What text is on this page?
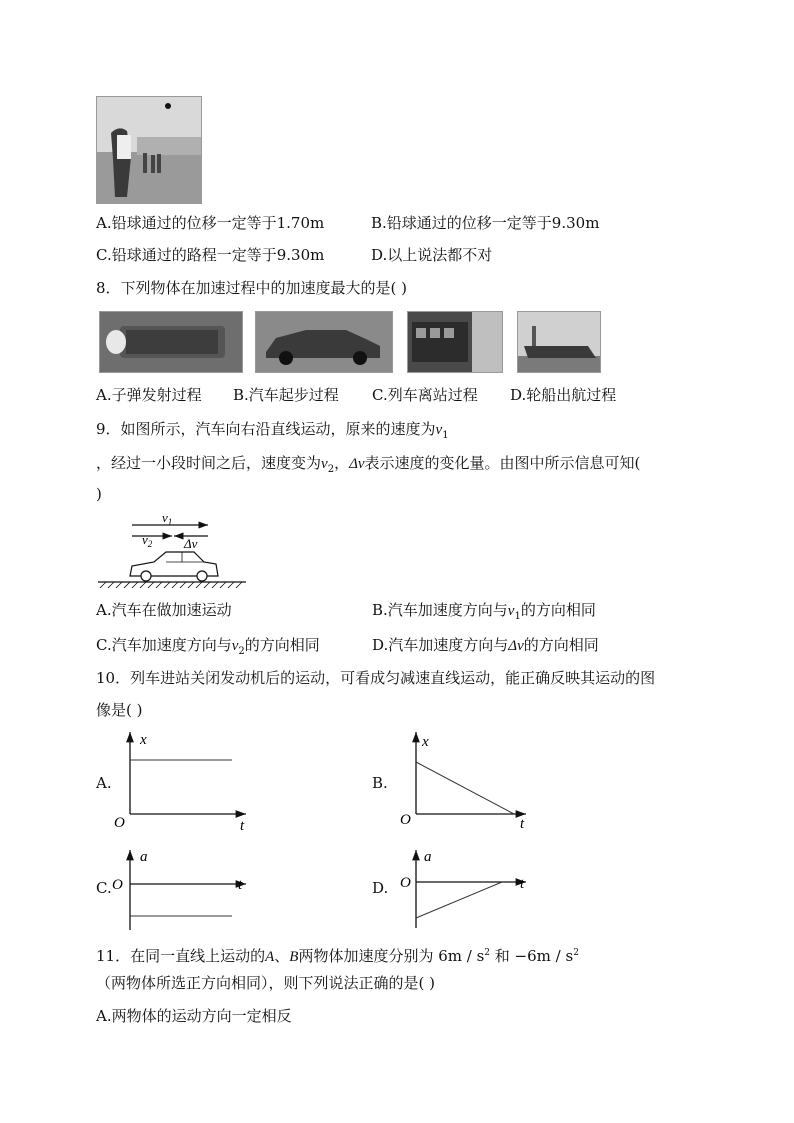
A.铅球通过的位移一定等于1.70m	B.铅球通过的位移一定等于9.30m
C.铅球通过的路程一定等于9.30m	D.以上说法都不对
8．下列物体在加速过程中的加速度最大的是( )
A.子弹发射过程 B.汽车起步过程 C.列车离站过程 D.轮船出航过程
9．如图所示，汽车向右沿直线运动，原来的速度为$v_1$
，经过一小段时间之后，速度变为$v_2$，Δv表示速度的变化量。由图中所示信息可知(
)
$v_1$
$v_2$ Δv
A.汽车在做加速运动	B.汽车加速度方向与$v_1$的方向相同
C.汽车加速度方向与$v_2$的方向相同	D.汽车加速度方向与Δv的方向相同
10．列车进站关闭发动机后的运动，可看成匀减速直线运动，能正确反映其运动的图
像是( )
A.
x
t
O
B.
x
t
O
C.
a
t
O	D.
a
t
O
11．在同一直线上运动的A、B两物体加速度分别为 $6m / s^2$ 和 $-6m / s^2$
（两物体所选正方向相同），则下列说法正确的是( )
A.两物体的运动方向一定相反
